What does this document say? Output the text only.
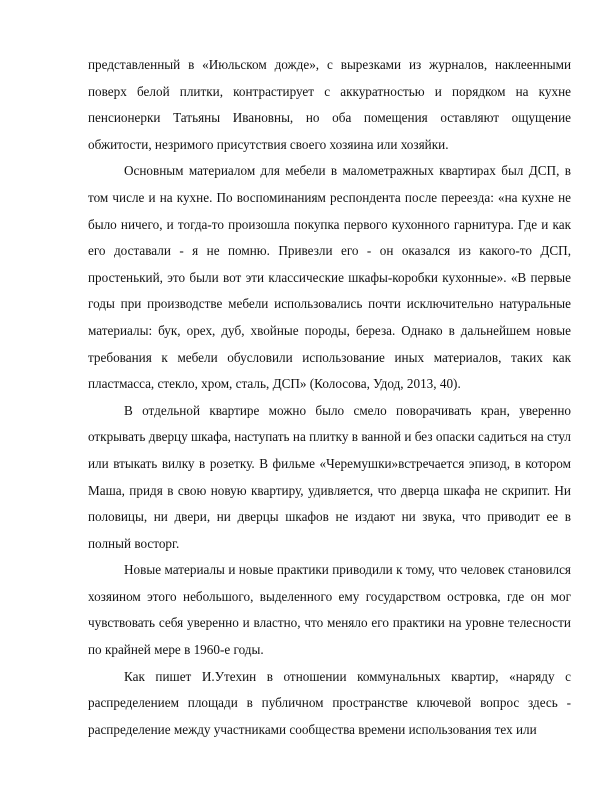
представленный в «Июльском дожде», с вырезками из журналов, наклеенными поверх белой плитки, контрастирует с аккуратностью и порядком на кухне пенсионерки Татьяны Ивановны, но оба помещения оставляют ощущение обжитости, незримого присутствия своего хозяина или хозяйки.

Основным материалом для мебели в малометражных квартирах был ДСП, в том числе и на кухне. По воспоминаниям респондента после переезда: «на кухне не было ничего, и тогда-то произошла покупка первого кухонного гарнитура. Где и как его доставали - я не помню. Привезли его - он оказался из какого-то ДСП, простенький, это были вот эти классические шкафы-коробки кухонные». «В первые годы при производстве мебели использовались почти исключительно натуральные материалы: бук, орех, дуб, хвойные породы, береза. Однако в дальнейшем новые требования к мебели обусловили использование иных материалов, таких как пластмасса, стекло, хром, сталь, ДСП» (Колосова, Удод, 2013, 40).

В отдельной квартире можно было смело поворачивать кран, уверенно открывать дверцу шкафа, наступать на плитку в ванной и без опаски садиться на стул или втыкать вилку в розетку. В фильме «Черемушки»встречается эпизод, в котором Маша, придя в свою новую квартиру, удивляется, что дверца шкафа не скрипит. Ни половицы, ни двери, ни дверцы шкафов не издают ни звука, что приводит ее в полный восторг.

Новые материалы и новые практики приводили к тому, что человек становился хозяином этого небольшого, выделенного ему государством островка, где он мог чувствовать себя уверенно и властно, что меняло его практики на уровне телесности по крайней мере в 1960-е годы.

Как пишет И.Утехин в отношении коммунальных квартир, «наряду с распределением площади в публичном пространстве ключевой вопрос здесь - распределение между участниками сообщества времени использования тех или
